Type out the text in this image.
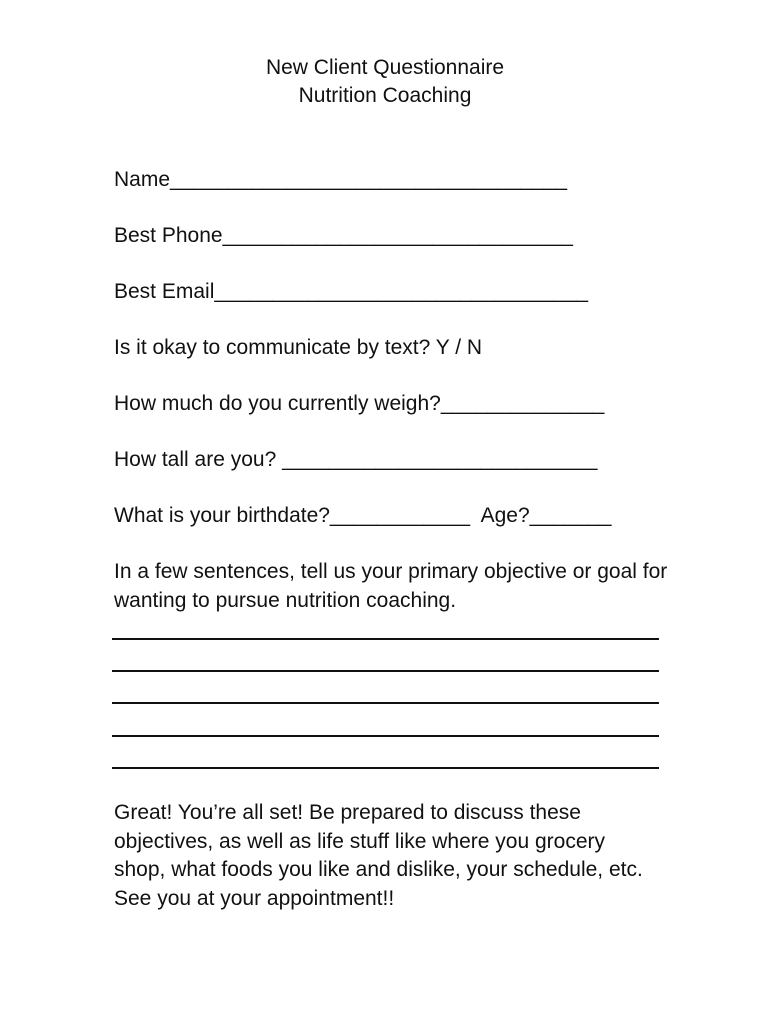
New Client Questionnaire
Nutrition Coaching
Name__________________________________
Best Phone______________________________
Best Email________________________________
Is it okay to communicate by text? Y / N
How much do you currently weigh?______________
How tall are you? ___________________________
What is your birthdate?____________  Age?_______
In a few sentences, tell us your primary objective or goal for wanting to pursue nutrition coaching.
Great! You’re all set! Be prepared to discuss these objectives, as well as life stuff like where you grocery shop, what foods you like and dislike, your schedule, etc. See you at your appointment!!
